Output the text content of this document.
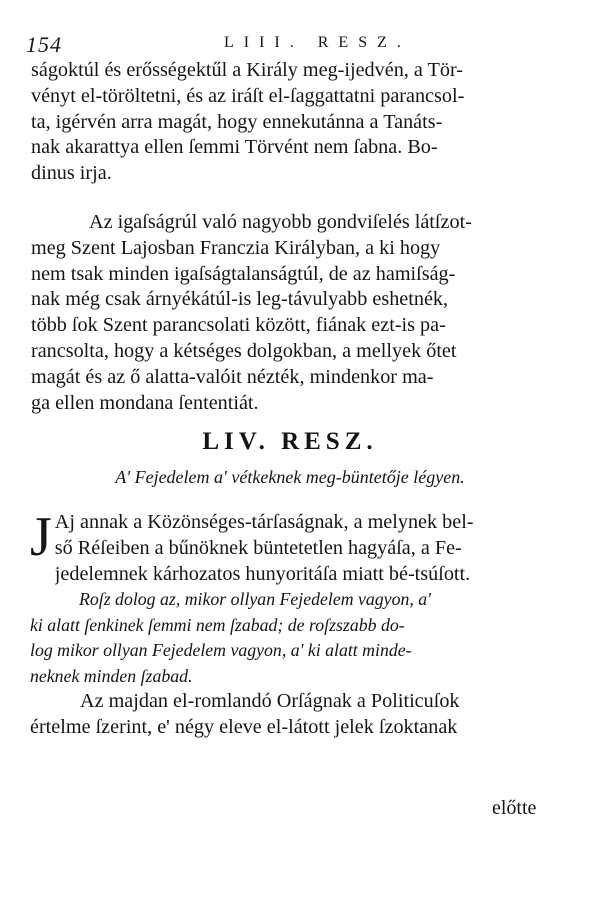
154	LIII. RESZ.
ságoktúl és erősségektűl a Király meg-ijedvén, a Tör-
vényt el-töröltetni, és az iráſt el-ſaggattatni parancsol-
ta, igérvén arra magát, hogy ennekutánna a Tanáts-
nak akarattya ellen ſemmi Törvént nem ſabna. Bo-
dinus irja.
Az igaſságrúl való nagyobb gondviſelés látſzot-
meg Szent Lajosban Franczia Királyban, a ki hogy
nem tsak minden igaſságtalanságtúl, de az hamiſság-
nak még csak árnyékátúl-is leg-távulyabb eshetnék,
több ſok Szent parancsolati között, fiának ezt-is pa-
rancsolta, hogy a kétséges dolgokban, a mellyek őtet
magát és az ő alatta-valóit nézték, mindenkor ma-
ga ellen mondana ſententiát.
LIV. RESZ.
A' Fejedelem a' vétkeknek meg-büntetője légyen.

J Aj annak a Közönséges-tárſaságnak, a melynek bel-
ső Réſeiben a bűnöknek büntetetlen hagyáſa, a Fe-
jedelemnek kárhozatos hunyoritáſa miatt bé-tsúſott.

Roſz dolog az, mikor ollyan Fejedelem vagyon, a'
ki alatt ſenkinek ſemmi nem ſzabad; de roſzszabb do-
log mikor ollyan Fejedelem vagyon, a' ki alatt minde-
neknek minden ſzabad.

Az majdan el-romlandó Orſágnak a Politicuſok
értelme ſzerint, e' négy eleve el-látott jelek ſzoktanak

előtte
